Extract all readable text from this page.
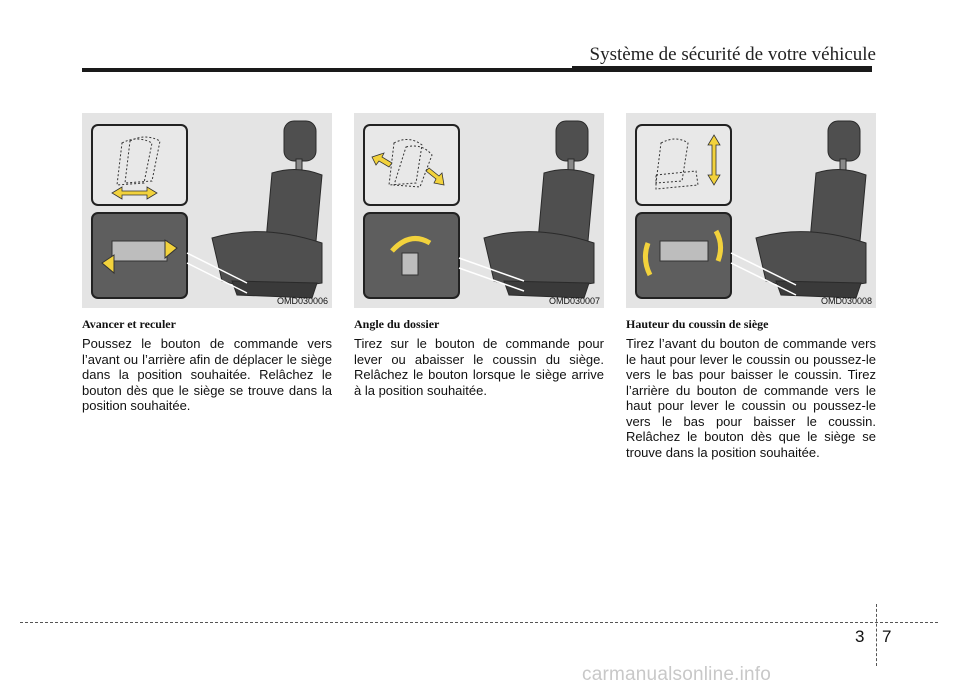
Système de sécurité de votre véhicule
OMD030006
Avancer et reculer
Poussez le bouton de commande vers l’avant ou l’arrière afin de déplacer le siège dans la position souhaitée. Relâchez le bouton dès que le siège se trouve dans la position souhaitée.
OMD030007
Angle du dossier
Tirez sur le bouton de commande pour lever ou abaisser le coussin du siège. Relâchez le bouton lorsque le siège arrive à la position souhaitée.
OMD030008
Hauteur du coussin de siège
Tirez l’avant du bouton de commande vers le haut pour lever le coussin ou poussez-le vers le bas pour baisser le coussin. Tirez l’arrière du bouton de commande vers le haut pour lever le coussin ou poussez-le vers le bas pour baisser le coussin. Relâchez le bouton dès que le siège se trouve dans la position souhaitée.
3 7
carmanualsonline.info
